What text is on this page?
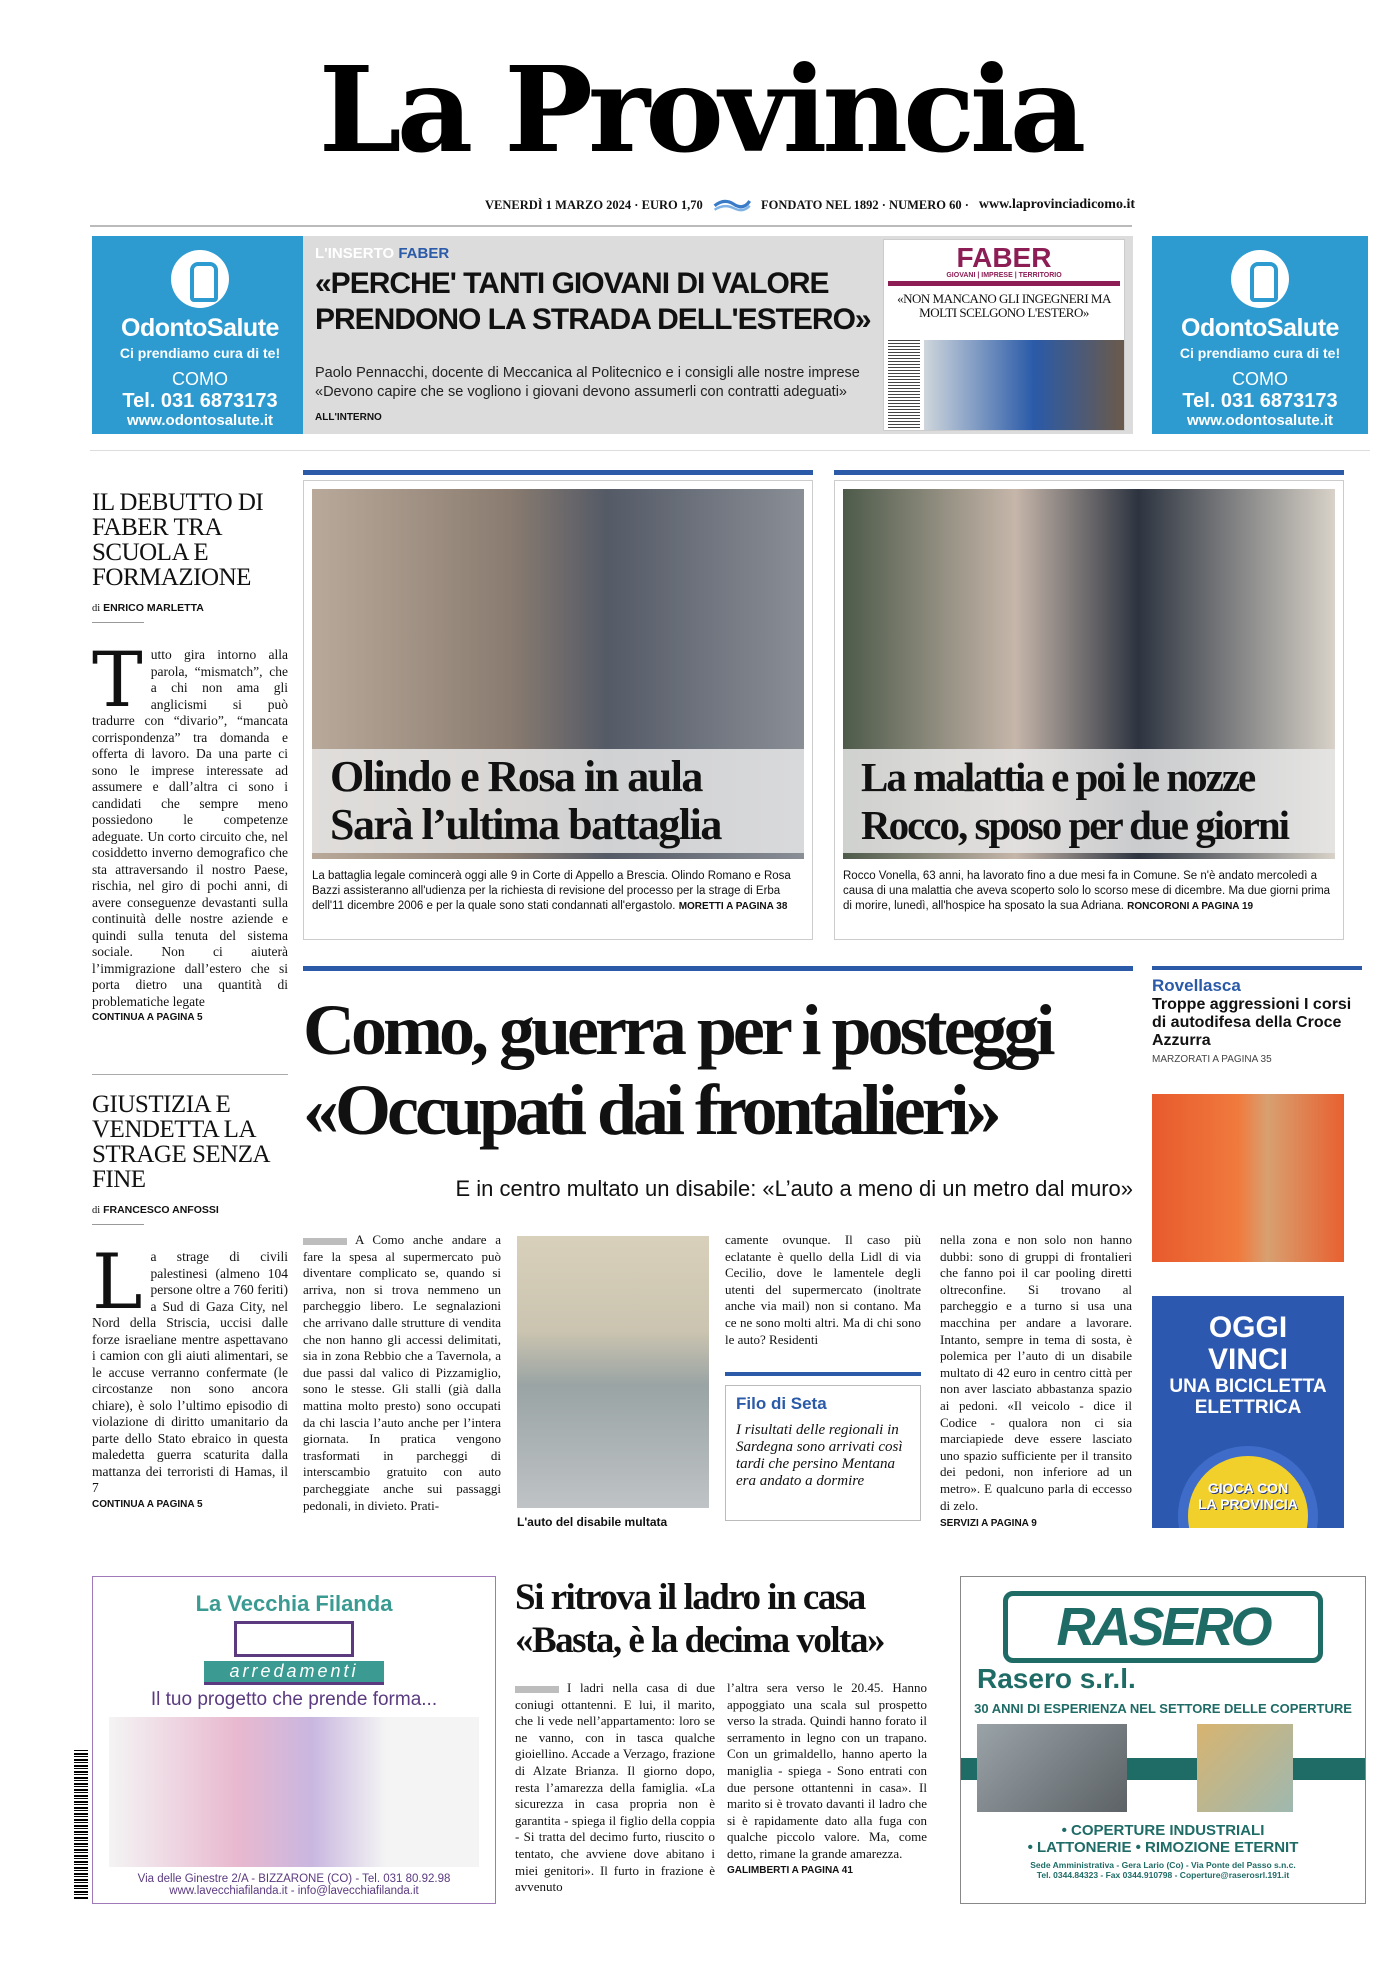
La Provincia
VENERDÌ 1 MARZO 2024 · EURO 1,70	FONDATO NEL 1892 · NUMERO 60 · www.laprovinciadicomo.it
OdontoSalute
Ci prendiamo cura di te!
COMO
Tel. 031 6873173
www.odontosalute.it
Dir. San. Dott. Paolo Valsesia
OdontoSalute
Ci prendiamo cura di te!
COMO
Tel. 031 6873173
www.odontosalute.it
Dir. San. Dott. Paolo Valsesia
L'INSERTO FABER
«PERCHE' TANTI GIOVANI DI VALORE
PRENDONO LA STRADA DELL'ESTERO»
Paolo Pennacchi, docente di Meccanica al Politecnico e i consigli alle nostre imprese
«Devono capire che se vogliono i giovani devono assumerli con contratti adeguati»
ALL'INTERNO
FABER
GIOVANI | IMPRESE | TERRITORIO
«NON MANCANO GLI INGEGNERI MA MOLTI SCELGONO L'ESTERO»
IL DEBUTTO DI FABER TRA SCUOLA E FORMAZIONE
di ENRICO MARLETTA
Tutto gira intorno alla parola, “mismatch”, che a chi non ama gli anglicismi si può tradurre con “divario”, “mancata corrispondenza” tra domanda e offerta di lavoro. Da una parte ci sono le imprese interessate ad assumere e dall’altra ci sono i candidati che sempre meno possiedono le competenze adeguate. Un corto circuito che, nel cosiddetto inverno demografico che sta attraversando il nostro Paese, rischia, nel giro di pochi anni, di avere conseguenze devastanti sulla continuità delle nostre aziende e quindi sulla tenuta del sistema sociale. Non ci aiuterà l’immigrazione dall’estero che si porta dietro una quantità di problematiche legate
CONTINUA A PAGINA 5
GIUSTIZIA E VENDETTA LA STRAGE SENZA FINE
di FRANCESCO ANFOSSI
La strage di civili palestinesi (almeno 104 persone oltre a 760 feriti) a Sud di Gaza City, nel Nord della Striscia, uccisi dalle forze israeliane mentre aspettavano i camion con gli aiuti alimentari, se le accuse verranno confermate (le circostanze non sono ancora chiare), è solo l’ultimo episodio di violazione di diritto umanitario da parte dello Stato ebraico in questa maledetta guerra scaturita dalla mattanza dei terroristi di Hamas, il 7
CONTINUA A PAGINA 5
Olindo e Rosa in aula
Sarà l’ultima battaglia
La battaglia legale comincerà oggi alle 9 in Corte di Appello a Brescia. Olindo Romano e Rosa Bazzi assisteranno all'udienza per la richiesta di revisione del processo per la strage di Erba dell'11 dicembre 2006 e per la quale sono stati condannati all'ergastolo. MORETTI A PAGINA 38
La malattia e poi le nozze
Rocco, sposo per due giorni
Rocco Vonella, 63 anni, ha lavorato fino a due mesi fa in Comune. Se n'è andato mercoledì a causa di una malattia che aveva scoperto solo lo scorso mese di dicembre. Ma due giorni prima di morire, lunedì, all'hospice ha sposato la sua Adriana. RONCORONI A PAGINA 19
Como, guerra per i posteggi
«Occupati dai frontalieri»
E in centro multato un disabile: «L’auto a meno di un metro dal muro»
A Como anche andare a fare la spesa al supermercato può diventare complicato se, quando si arriva, non si trova nemmeno un parcheggio libero. Le segnalazioni che arrivano dalle strutture di vendita che non hanno gli accessi delimitati, sia in zona Rebbio che a Tavernola, a due passi dal valico di Pizzamiglio, sono le stesse. Gli stalli (già dalla mattina molto presto) sono occupati da chi lascia l’auto anche per l’intera giornata. In pratica vengono trasformati in parcheggi di interscambio gratuito con auto parcheggiate anche sui passaggi pedonali, in divieto. Prati-
L'auto del disabile multata
camente ovunque. Il caso più eclatante è quello della Lidl di via Cecilio, dove le lamentele degli utenti del supermercato (inoltrate anche via mail) non si contano. Ma ce ne sono molti altri. Ma di chi sono le auto? Residenti
Filo di Seta
I risultati delle regionali in Sardegna sono arrivati così tardi che persino Mentana era andato a dormire
nella zona e non solo non hanno dubbi: sono di gruppi di frontalieri che fanno poi il car pooling diretti oltreconfine. Si trovano al parcheggio e a turno si usa una macchina per andare a lavorare. Intanto, sempre in tema di sosta, è polemica per l’auto di un disabile multato di 42 euro in centro città per non aver lasciato abbastanza spazio ai pedoni. «Il veicolo - dice il Codice - qualora non ci sia marciapiede deve essere lasciato uno spazio sufficiente per il transito dei pedoni, non inferiore ad un metro». E qualcuno parla di eccesso di zelo.
SERVIZI A PAGINA 9
Rovellasca
Troppe aggressioni I corsi di autodifesa della Croce Azzurra
MARZORATI A PAGINA 35
OGGI
VINCI
UNA BICICLETTA
ELETTRICA
GIOCA CON
LA PROVINCIA
La Vecchia Filanda
arredamenti
Il tuo progetto che prende forma...
Via delle Ginestre 2/A - BIZZARONE (CO) - Tel. 031 80.92.98
www.lavecchiafilanda.it - info@lavecchiafilanda.it
Si ritrova il ladro in casa
«Basta, è la decima volta»
I ladri nella casa di due coniugi ottantenni. E lui, il marito, che li vede nell’appartamento: loro se ne vanno, con in tasca qualche gioiellino. Accade a Verzago, frazione di Alzate Brianza. Il giorno dopo, resta l’amarezza della famiglia. «La sicurezza in casa propria non è garantita - spiega il figlio della coppia - Si tratta del decimo furto, riuscito o tentato, che avviene dove abitano i miei genitori». Il furto in frazione è avvenuto
l’altra sera verso le 20.45. Hanno appoggiato una scala sul prospetto verso la strada. Quindi hanno forato il serramento in legno con un trapano. Con un grimaldello, hanno aperto la maniglia - spiega - Sono entrati con due persone ottantenni in casa». Il marito si è trovato davanti il ladro che si è rapidamente dato alla fuga con qualche piccolo valore. Ma, come detto, rimane la grande amarezza.
GALIMBERTI A PAGINA 41
RASERO
Rasero s.r.l.
30 ANNI DI ESPERIENZA NEL SETTORE DELLE COPERTURE
• COPERTURE INDUSTRIALI
• LATTONERIE • RIMOZIONE ETERNIT
Sede Amministrativa - Gera Lario (Co) - Via Ponte del Passo s.n.c.
Tel. 0344.84323 - Fax 0344.910798 - Coperture@raserosrl.191.it
